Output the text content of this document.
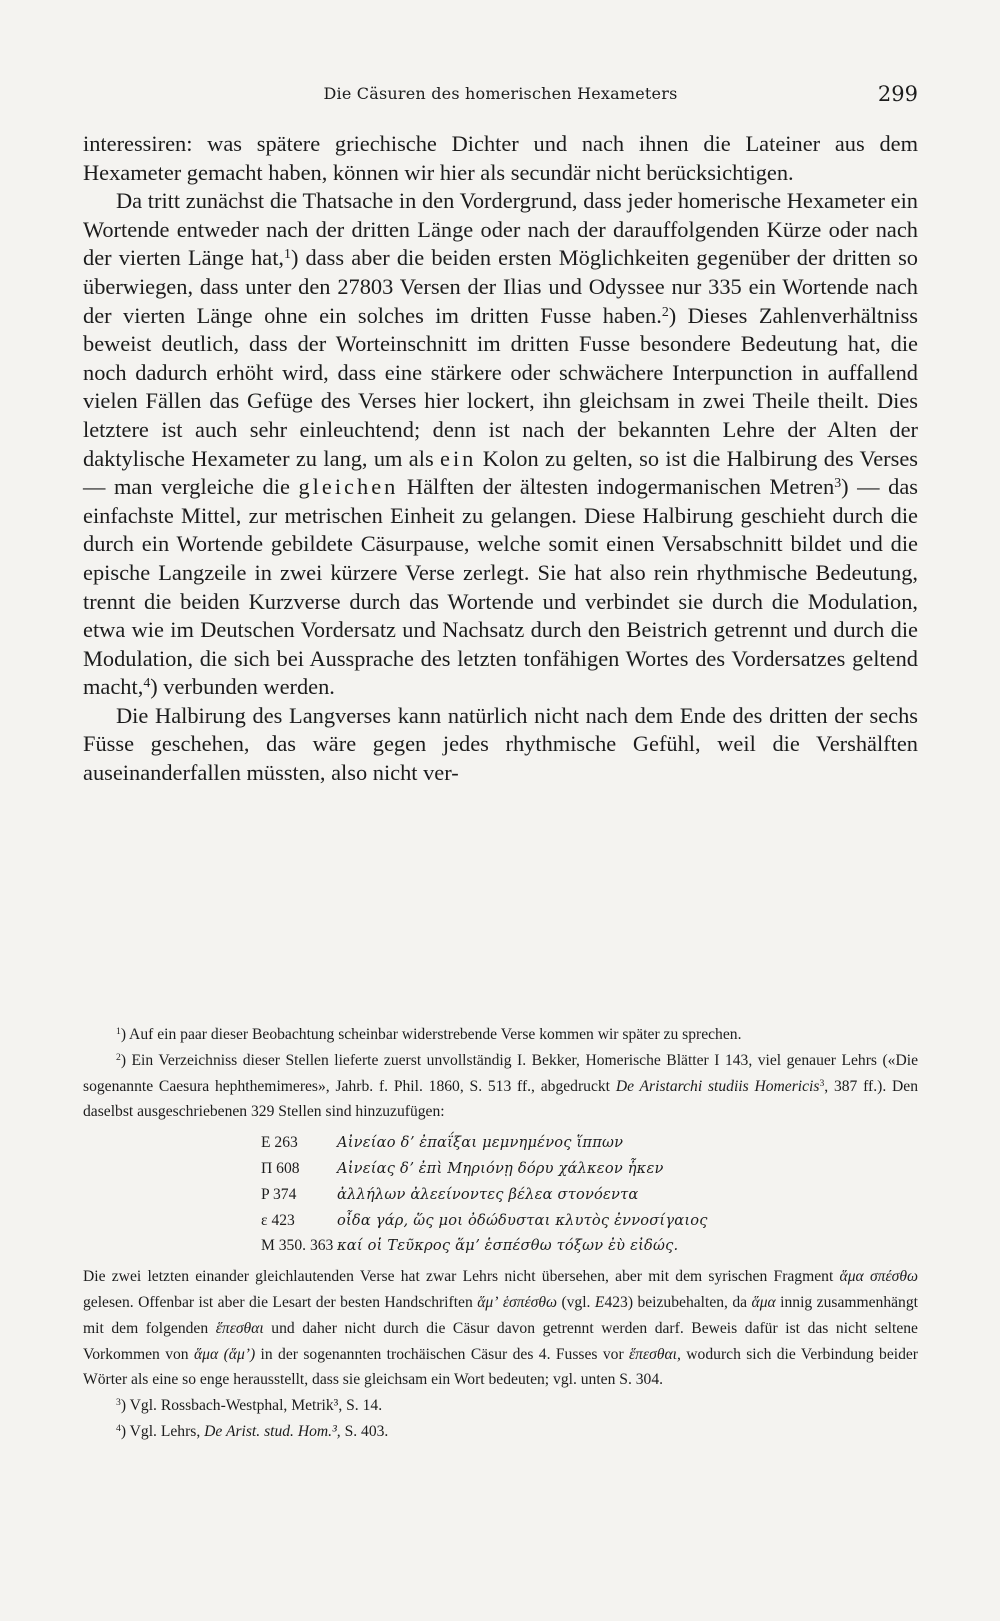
Die Cäsuren des homerischen Hexameters	299

interessiren: was spätere griechische Dichter und nach ihnen die Lateiner aus dem Hexameter gemacht haben, können wir hier als secundär nicht berücksichtigen.

Da tritt zunächst die Thatsache in den Vordergrund, dass jeder homerische Hexameter ein Wortende entweder nach der dritten Länge oder nach der darauffolgenden Kürze oder nach der vierten Länge hat,$^1$) dass aber die beiden ersten Möglichkeiten gegenüber der dritten so überwiegen, dass unter den 27803 Versen der Ilias und Odyssee nur 335 ein Wortende nach der vierten Länge ohne ein solches im dritten Fusse haben.$^2$) Dieses Zahlenverhältniss beweist deutlich, dass der Worteinschnitt im dritten Fusse besondere Bedeutung hat, die noch dadurch erhöht wird, dass eine stärkere oder schwächere Interpunction in auffallend vielen Fällen das Gefüge des Verses hier lockert, ihn gleichsam in zwei Theile theilt. Dies letztere ist auch sehr einleuchtend; denn ist nach der bekannten Lehre der Alten der daktylische Hexameter zu lang, um als ein Kolon zu gelten, so ist die Halbirung des Verses — man vergleiche die gleichen Hälften der ältesten indogermanischen Metren$^3$) — das einfachste Mittel, zur metrischen Einheit zu gelangen. Diese Halbirung geschieht durch die durch ein Wortende gebildete Cäsurpause, welche somit einen Versabschnitt bildet und die epische Langzeile in zwei kürzere Verse zerlegt. Sie hat also rein rhythmische Bedeutung, trennt die beiden Kurzverse durch das Wortende und verbindet sie durch die Modulation, etwa wie im Deutschen Vordersatz und Nachsatz durch den Beistrich getrennt und durch die Modulation, die sich bei Aussprache des letzten tonfähigen Wortes des Vordersatzes geltend macht,$^4$) verbunden werden.

Die Halbirung des Langverses kann natürlich nicht nach dem Ende des dritten der sechs Füsse geschehen, das wäre gegen jedes rhythmische Gefühl, weil die Vershälften auseinanderfallen müssten, also nicht ver-

$^1$) Auf ein paar dieser Beobachtung scheinbar widerstrebende Verse kommen wir später zu sprechen.

$^2$) Ein Verzeichniss dieser Stellen lieferte zuerst unvollständig I. Bekker, Homerische Blätter I 143, viel genauer Lehrs («Die sogenannte Caesura hephthemimeres», Jahrb. f. Phil. 1860, S. 513 ff., abgedruckt De Aristarchi studiis Homericis$^3$, 387 ff.). Den daselbst ausgeschriebenen 329 Stellen sind hinzuzufügen:

E 263	Αἰνείαο δʼ ἐπαΐξαι μεμνημένος ἵππων
Π 608	Αἰνείας δʼ ἐπὶ Μηριόνῃ δόρυ χάλκεον ἧκεν
P 374	ἀλλήλων ἀλεείνοντες βέλεα στονόεντα
ε 423	οἶδα γάρ, ὥς μοι ὀδώδυσται κλυτὸς ἐννοσίγαιος
M 350. 363 καί οἱ Τεῦκρος ἅμʼ ἑσπέσθω τόξων ἐὺ εἰδώς.

Die zwei letzten einander gleichlautenden Verse hat zwar Lehrs nicht übersehen, aber mit dem syrischen Fragment ἅμα σπέσθω gelesen. Offenbar ist aber die Lesart der besten Handschriften ἅμʼ ἑσπέσθω (vgl. E423) beizubehalten, da ἅμα innig zusammenhängt mit dem folgenden ἕπεσθαι und daher nicht durch die Cäsur davon getrennt werden darf. Beweis dafür ist das nicht seltene Vorkommen von ἅμα (ἅμʼ) in der sogenannten trochäischen Cäsur des 4. Fusses vor ἕπεσθαι, wodurch sich die Verbindung beider Wörter als eine so enge herausstellt, dass sie gleichsam ein Wort bedeuten; vgl. unten S. 304.

$^3$) Vgl. Rossbach-Westphal, Metrik³, S. 14.

$^4$) Vgl. Lehrs, De Arist. stud. Hom.³, S. 403.
